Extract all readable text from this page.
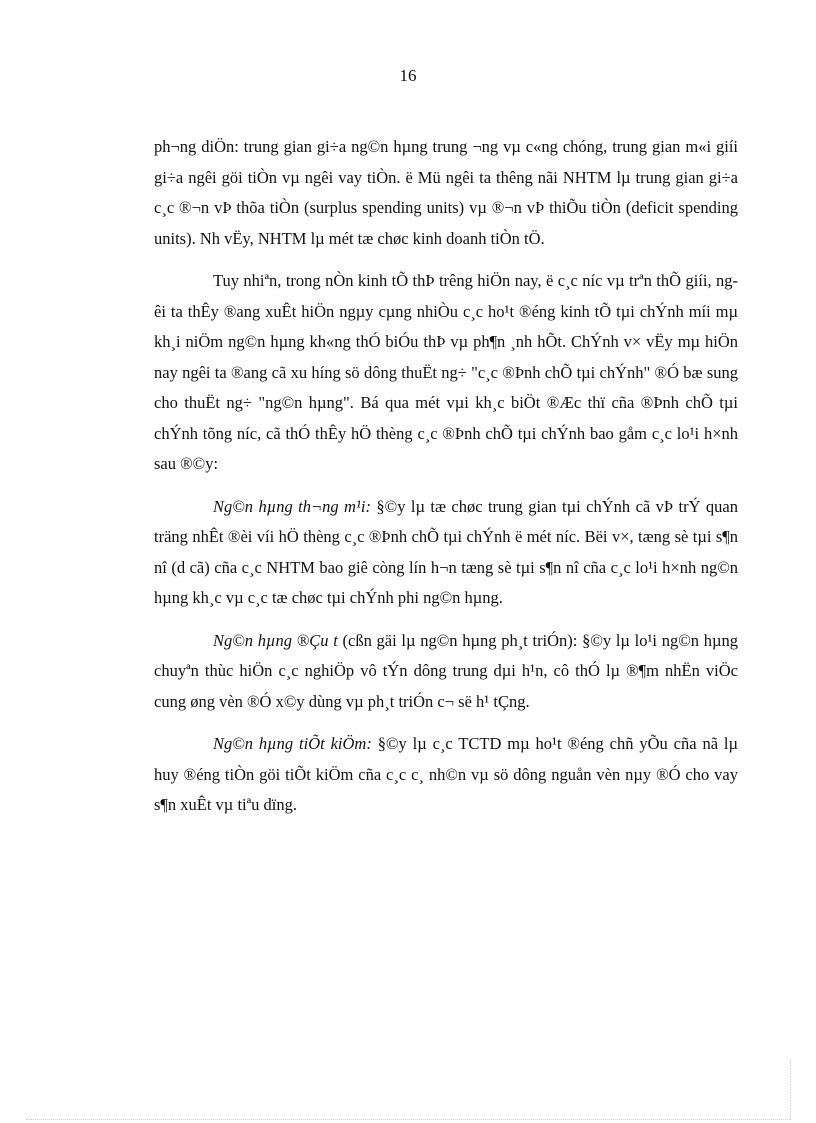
16

ph¬ng diÖn: trung gian gi÷a ng©n hµng trung ¬ng vµ c«ng chóng, trung gian m«i giíi gi÷a ngêi göi tiÒn vµ ngêi vay tiÒn. ë Mü ngêi ta thêng nãi NHTM lµ trung gian gi÷a c¸c ®¬n vÞ thõa tiÒn (surplus spending units) vµ ®¬n vÞ thiÕu tiÒn (deficit spending units). Nh vËy, NHTM lµ mét tæ chøc kinh doanh tiÒn tÖ.

Tuy nhiªn, trong nÒn kinh tÕ thÞ trêng hiÖn nay, ë c¸c níc vµ trªn thÕ giíi, ngêi ta thÊy ®ang xuÊt hiÖn ngµy cµng nhiÒu c¸c ho¹t ®éng kinh tÕ tµi chÝnh míi mµ kh¸i niÖm ng©n hµng kh«ng thÓ biÓu thÞ vµ ph¶n ¸nh hÕt. ChÝnh v× vËy mµ hiÖn nay ngêi ta ®ang cã xu híng sö dông thuËt ng÷ "c¸c ®Þnh chÕ tµi chÝnh" ®Ó bæ sung cho thuËt ng÷ "ng©n hµng". Bá qua mét vµi kh¸c biÖt ®Æc thï cña ®Þnh chÕ tµi chÝnh tõng níc, cã thÓ thÊy hÖ thèng c¸c ®Þnh chÕ tµi chÝnh bao gåm c¸c lo¹i h×nh sau ®©y:

Ng©n hµng th¬ng m¹i: §©y lµ tæ chøc trung gian tµi chÝnh cã vÞ trÝ quan träng nhÊt ®èi víi hÖ thèng c¸c ®Þnh chÕ tµi chÝnh ë mét níc. Bëi v×, tæng sè tµi s¶n nî (d cã) cña c¸c NHTM bao giê còng lín h¬n tæng sè tµi s¶n nî cña c¸c lo¹i h×nh ng©n hµng kh¸c vµ c¸c tæ chøc tµi chÝnh phi ng©n hµng.

Ng©n hµng ®Çu t (cßn gäi lµ ng©n hµng ph¸t triÓn): §©y lµ lo¹i ng©n hµng chuyªn thùc hiÖn c¸c nghiÖp vô tÝn dông trung dµi h¹n, cô thÓ lµ ®¶m nhËn viÖc cung øng vèn ®Ó x©y dùng vµ ph¸t triÓn c¬ së h¹ tÇng.

Ng©n hµng tiÕt kiÖm: §©y lµ c¸c TCTD mµ ho¹t ®éng chñ yÕu cña nã lµ huy ®éng tiÒn göi tiÕt kiÖm cña c¸c c¸ nh©n vµ sö dông nguån vèn nµy ®Ó cho vay s¶n xuÊt vµ tiªu dïng.
